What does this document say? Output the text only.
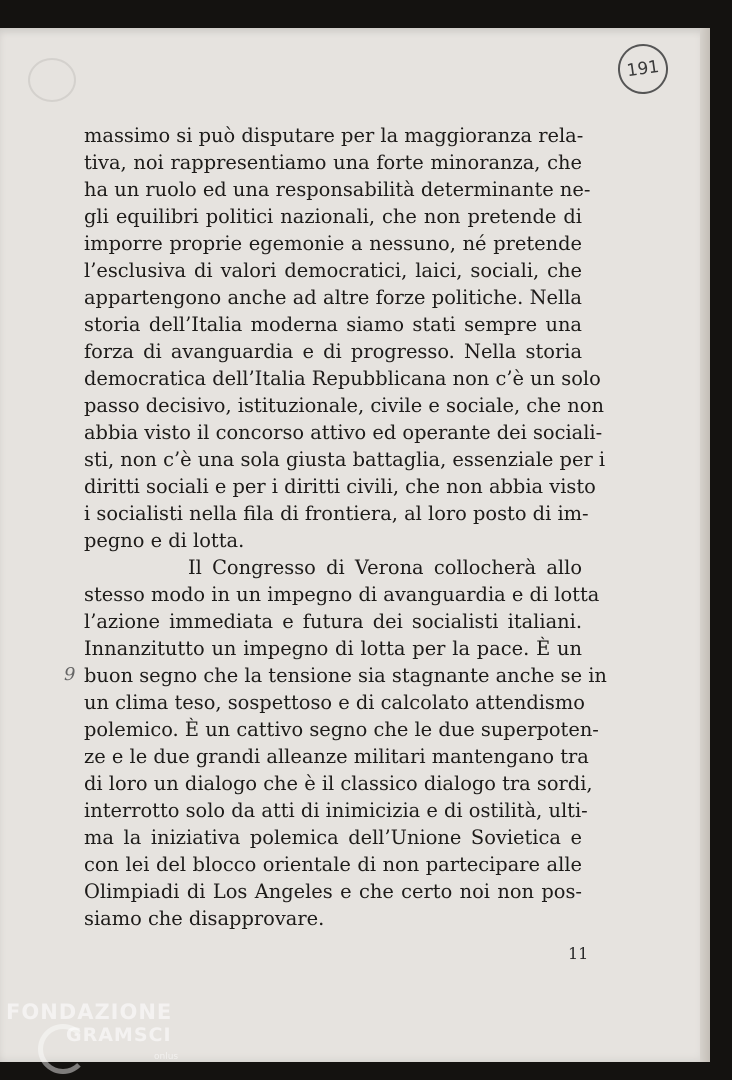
191
9
massimo si può disputare per la maggioranza rela-
tiva, noi rappresentiamo una forte minoranza, che
ha un ruolo ed una responsabilità determinante ne-
gli equilibri politici nazionali, che non pretende di
imporre proprie egemonie a nessuno, né pretende
l’esclusiva di valori democratici, laici, sociali, che
appartengono anche ad altre forze politiche. Nella
storia dell’Italia moderna siamo stati sempre una
forza di avanguardia e di progresso. Nella storia
democratica dell’Italia Repubblicana non c’è un solo
passo decisivo, istituzionale, civile e sociale, che non
abbia visto il concorso attivo ed operante dei sociali-
sti, non c’è una sola giusta battaglia, essenziale per i
diritti sociali e per i diritti civili, che non abbia visto
i socialisti nella fila di frontiera, al loro posto di im-
pegno e di lotta.
Il Congresso di Verona collocherà allo
stesso modo in un impegno di avanguardia e di lotta
l’azione immediata e futura dei socialisti italiani.
Innanzitutto un impegno di lotta per la pace. È un
buon segno che la tensione sia stagnante anche se in
un clima teso, sospettoso e di calcolato attendismo
polemico. È un cattivo segno che le due superpoten-
ze e le due grandi alleanze militari mantengano tra
di loro un dialogo che è il classico dialogo tra sordi,
interrotto solo da atti di inimicizia e di ostilità, ulti-
ma la iniziativa polemica dell’Unione Sovietica e
con lei del blocco orientale di non partecipare alle
Olimpiadi di Los Angeles e che certo noi non pos-
siamo che disapprovare.
11
FONDAZIONE
GRAMSCI
onlus
